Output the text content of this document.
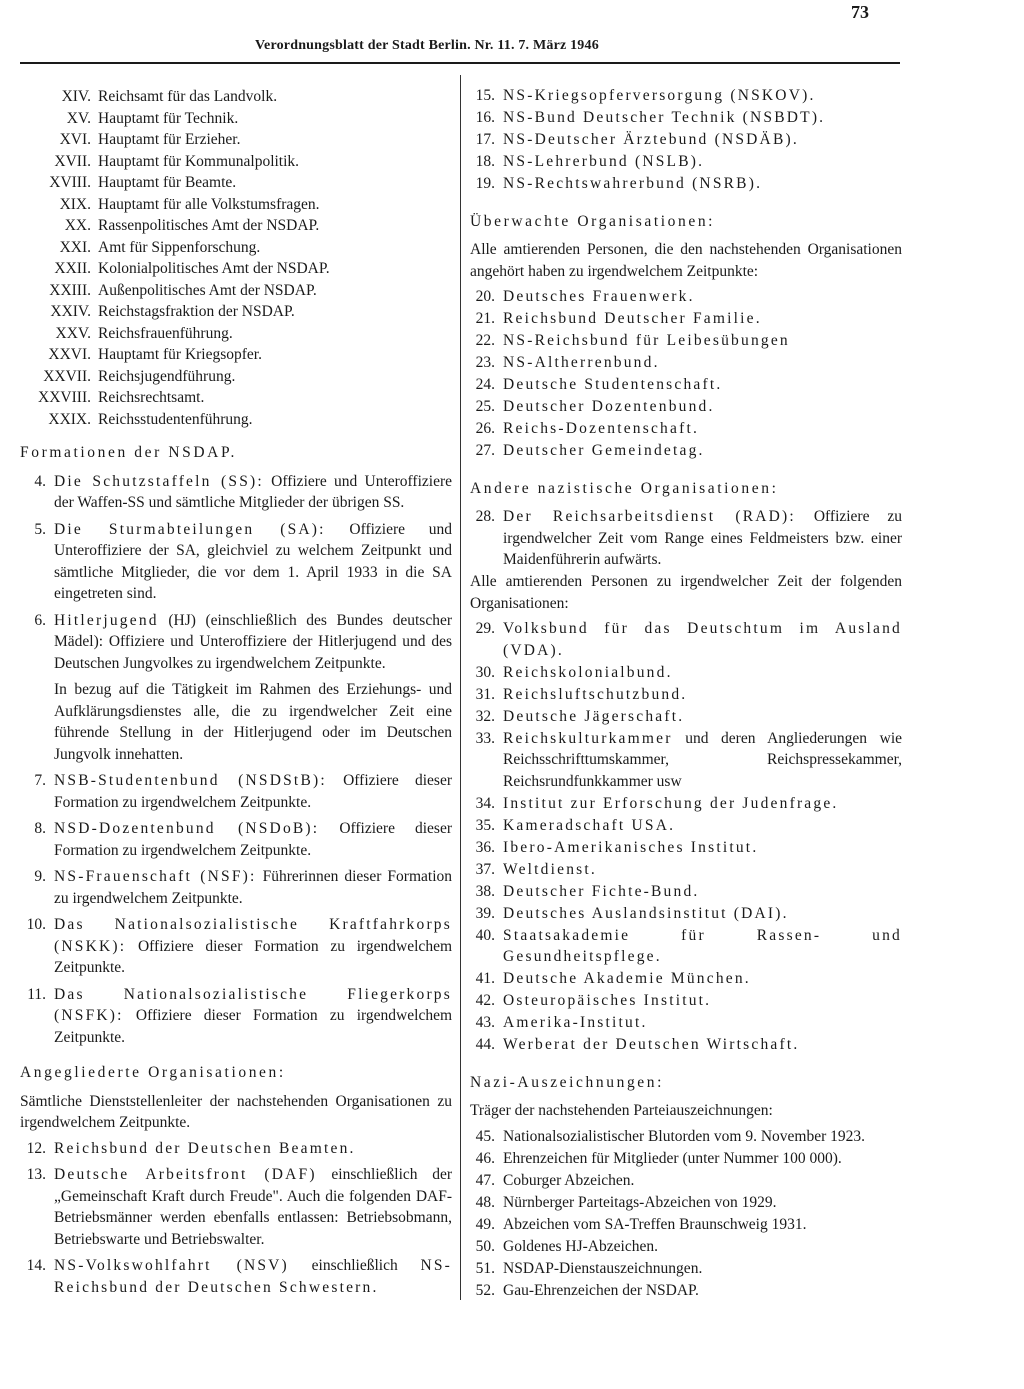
Verordnungsblatt der Stadt Berlin. Nr. 11. 7. März 1946
73
XIV. Reichsamt für das Landvolk.
XV. Hauptamt für Technik.
XVI. Hauptamt für Erzieher.
XVII. Hauptamt für Kommunalpolitik.
XVIII. Hauptamt für Beamte.
XIX. Hauptamt für alle Volkstumsfragen.
XX. Rassenpolitisches Amt der NSDAP.
XXI. Amt für Sippenforschung.
XXII. Kolonialpolitisches Amt der NSDAP.
XXIII. Außenpolitisches Amt der NSDAP.
XXIV. Reichstagsfraktion der NSDAP.
XXV. Reichsfrauenführung.
XXVI. Hauptamt für Kriegsopfer.
XXVII. Reichsjugendführung.
XXVIII. Reichsrechtsamt.
XXIX. Reichsstudentenführung.
Formationen der NSDAP.
4. Die Schutzstaffeln (SS): Offiziere und Unteroffiziere der Waffen-SS und sämtliche Mitglieder der übrigen SS.
5. Die Sturmabteilungen (SA): Offiziere und Unteroffiziere der SA, gleichviel zu welchem Zeitpunkt und sämtliche Mitglieder, die vor dem 1. April 1933 in die SA eingetreten sind.
6. Hitlerjugend (HJ) (einschließlich des Bundes deutscher Mädel): Offiziere und Unteroffiziere der Hitlerjugend und des Deutschen Jungvolkes zu irgendwelchem Zeitpunkte.
In bezug auf die Tätigkeit im Rahmen des Erziehungs- und Aufklärungsdienstes alle, die zu irgendwelcher Zeit eine führende Stellung in der Hitlerjugend oder im Deutschen Jungvolk innehatten.
7. NSB-Studentenbund (NSDStB): Offiziere dieser Formation zu irgendwelchem Zeitpunkte.
8. NSD-Dozentenbund (NSDoB): Offiziere dieser Formation zu irgendwelchem Zeitpunkte.
9. NS-Frauenschaft (NSF): Führerinnen dieser Formation zu irgendwelchem Zeitpunkte.
10. Das Nationalsozialistische Kraftfahrkorps (NSKK): Offiziere dieser Formation zu irgendwelchem Zeitpunkte.
11. Das Nationalsozialistische Fliegerkorps (NSFK): Offiziere dieser Formation zu irgendwelchem Zeitpunkte.
Angegliederte Organisationen:
Sämtliche Dienststellenleiter der nachstehenden Organisationen zu irgendwelchem Zeitpunkte.
12. Reichsbund der Deutschen Beamten.
13. Deutsche Arbeitsfront (DAF) einschließlich der „Gemeinschaft Kraft durch Freude". Auch die folgenden DAF-Betriebsmänner werden ebenfalls entlassen: Betriebsobmann, Betriebswarte und Betriebswalter.
14. NS-Volkswohlfahrt (NSV) einschließlich NS-Reichsbund der Deutschen Schwestern.
15. NS-Kriegsopferversorgung (NSKOV).
16. NS-Bund Deutscher Technik (NSBDT).
17. NS-Deutscher Ärztebund (NSDÄB).
18. NS-Lehrerbund (NSLB).
19. NS-Rechtswahrerbund (NSRB).
Überwachte Organisationen:
Alle amtierenden Personen, die den nachstehenden Organisationen angehört haben zu irgendwelchem Zeitpunkte:
20. Deutsches Frauenwerk.
21. Reichsbund Deutscher Familie.
22. NS-Reichsbund für Leibesübungen
23. NS-Altherrenbund.
24. Deutsche Studentenschaft.
25. Deutscher Dozentenbund.
26. Reichs-Dozentenschaft.
27. Deutscher Gemeindetag.
Andere nazistische Organisationen:
28. Der Reichsarbeitsdienst (RAD): Offiziere zu irgendwelcher Zeit vom Range eines Feldmeisters bzw. einer Maidenführerin aufwärts.
Alle amtierenden Personen zu irgendwelcher Zeit der folgenden Organisationen:
29. Volksbund für das Deutschtum im Ausland (VDA).
30. Reichskolonialbund.
31. Reichsluftschutzbund.
32. Deutsche Jägerschaft.
33. Reichskulturkammer und deren Angliederungen wie Reichsschrifttumskammer, Reichspressekammer, Reichsrundfunkkammer usw
34. Institut zur Erforschung der Judenfrage.
35. Kameradschaft USA.
36. Ibero-Amerikanisches Institut.
37. Weltdienst.
38. Deutscher Fichte-Bund.
39. Deutsches Auslandsinstitut (DAI).
40. Staatsakademie für Rassen- und Gesundheitspflege.
41. Deutsche Akademie München.
42. Osteuropäisches Institut.
43. Amerika-Institut.
44. Werberat der Deutschen Wirtschaft.
Nazi-Auszeichnungen:
Träger der nachstehenden Parteiauszeichnungen:
45. Nationalsozialistischer Blutorden vom 9. November 1923.
46. Ehrenzeichen für Mitglieder (unter Nummer 100 000).
47. Coburger Abzeichen.
48. Nürnberger Parteitags-Abzeichen von 1929.
49. Abzeichen vom SA-Treffen Braunschweig 1931.
50. Goldenes HJ-Abzeichen.
51. NSDAP-Dienstauszeichnungen.
52. Gau-Ehrenzeichen der NSDAP.
